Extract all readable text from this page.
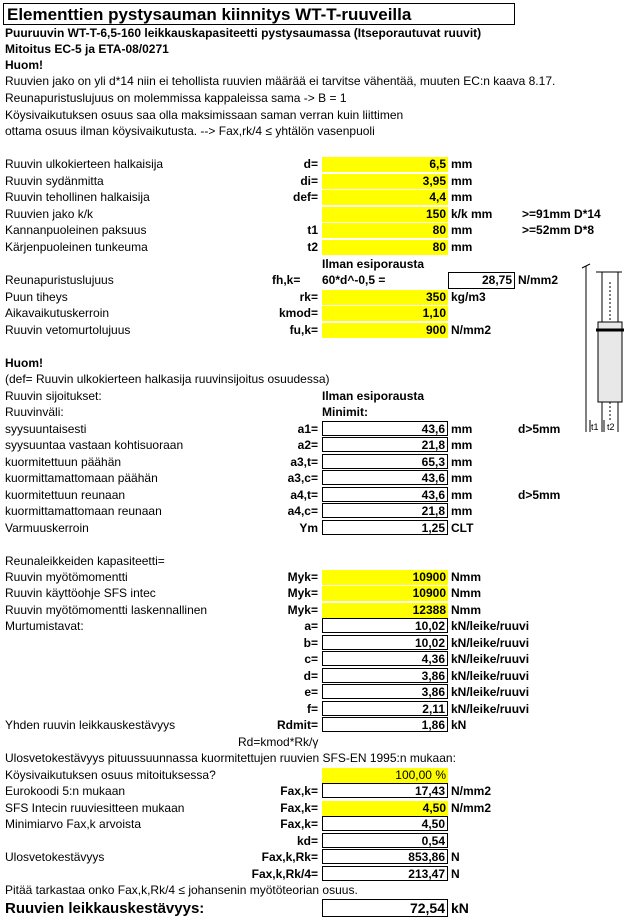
Elementtien pystysauman kiinnitys WT-T-ruuveilla
Puuruuvin WT-T-6,5-160 leikkauskapasiteetti pystysaumassa (Itseporautuvat ruuvit)
Mitoitus EC-5 ja ETA-08/0271
Huom!
Ruuvien jako on yli d*14 niin ei tehollista ruuvien määrää ei tarvitse vähentää, muuten EC:n kaava 8.17.
Reunapuristuslujuus on molemmissa kappaleissa sama -> B = 1
Köysivaikutuksen osuus saa olla maksimissaan saman verran kuin liittimen
ottama osuus ilman köysivaikutusta. --> Fax,rk/4 ≤ yhtälön vasenpuoli
Ruuvin ulkokierteen halkaisija	d=	6,5 mm
Ruuvin sydänmitta	di=	3,95 mm
Ruuvin tehollinen halkaisija	def=	4,4 mm
Ruuvien jako k/k	150 k/k mm >=91mm D*14
Kannanpuoleinen paksuus	t1	80 mm	>=52mm D*8
Kärjenpuoleinen tunkeuma	t2	80 mm
Ilman esiporausta
Reunapuristuslujuus	fh,k= 60*d^-0,5 =	28,75 N/mm2
Puun tiheys	rk=	350 kg/m3
Aikavaikutuskerroin	kmod=	1,10
Ruuvin vetomurtolujuus	fu,k=	900 N/mm2
Huom!
(def= Ruuvin ulkokierteen halkasija ruuvinsijoitus osuudessa)
Ruuvin sijoitukset:	Ilman esiporausta
Ruuvinväli:	Minimit:
syysuuntaisesti	a1=	43,6 mm	d>5mm
syysuuntaa vastaan kohtisuoraan	a2=	21,8 mm
kuormitettuun päähän	a3,t=	65,3 mm
kuormittamattomaan päähän	a3,c=	43,6 mm
kuormitettuun reunaan	a4,t=	43,6 mm	d>5mm
kuormittamattomaan reunaan	a4,c=	21,8 mm
Varmuuskerroin	Ym	1,25 CLT
Reunaleikkeiden kapasiteetti=
Ruuvin myötömomentti	Myk=	10900 Nmm
Ruuvin käyttöohje SFS intec	Myk=	10900 Nmm
Ruuvin myötömomentti laskennallinen	Myk=	12388 Nmm
Murtumistavat:	a=	10,02 kN/leike/ruuvi
b=	10,02 kN/leike/ruuvi
c=	4,36 kN/leike/ruuvi
d=	3,86 kN/leike/ruuvi
e=	3,86 kN/leike/ruuvi
f=	2,11 kN/leike/ruuvi
Yhden ruuvin leikkauskestävyys	Rdmit=	1,86 kN
Rd=kmod*Rk/γ
Ulosvetokestävyys pituussuunnassa kuormitettujen ruuvien SFS-EN 1995:n mukaan:
Köysivaikutuksen osuus mitoituksessa?	100,00 %
Eurokoodi 5:n mukaan	Fax,k=	17,43 N/mm2
SFS Intecin ruuviesitteen mukaan	Fax,k=	4,50 N/mm2
Minimiarvo Fax,k arvoista	Fax,k=	4,50
kd=	0,54
Ulosvetokestävyys	Fax,k,Rk=	853,86 N
Fax,k,Rk/4=	213,47 N
Pitää tarkastaa onko Fax,k,Rk/4 ≤ johansenin myötöteorian osuus.
Ruuvien leikkauskestävyys:	72,54 kN
t1 t2
